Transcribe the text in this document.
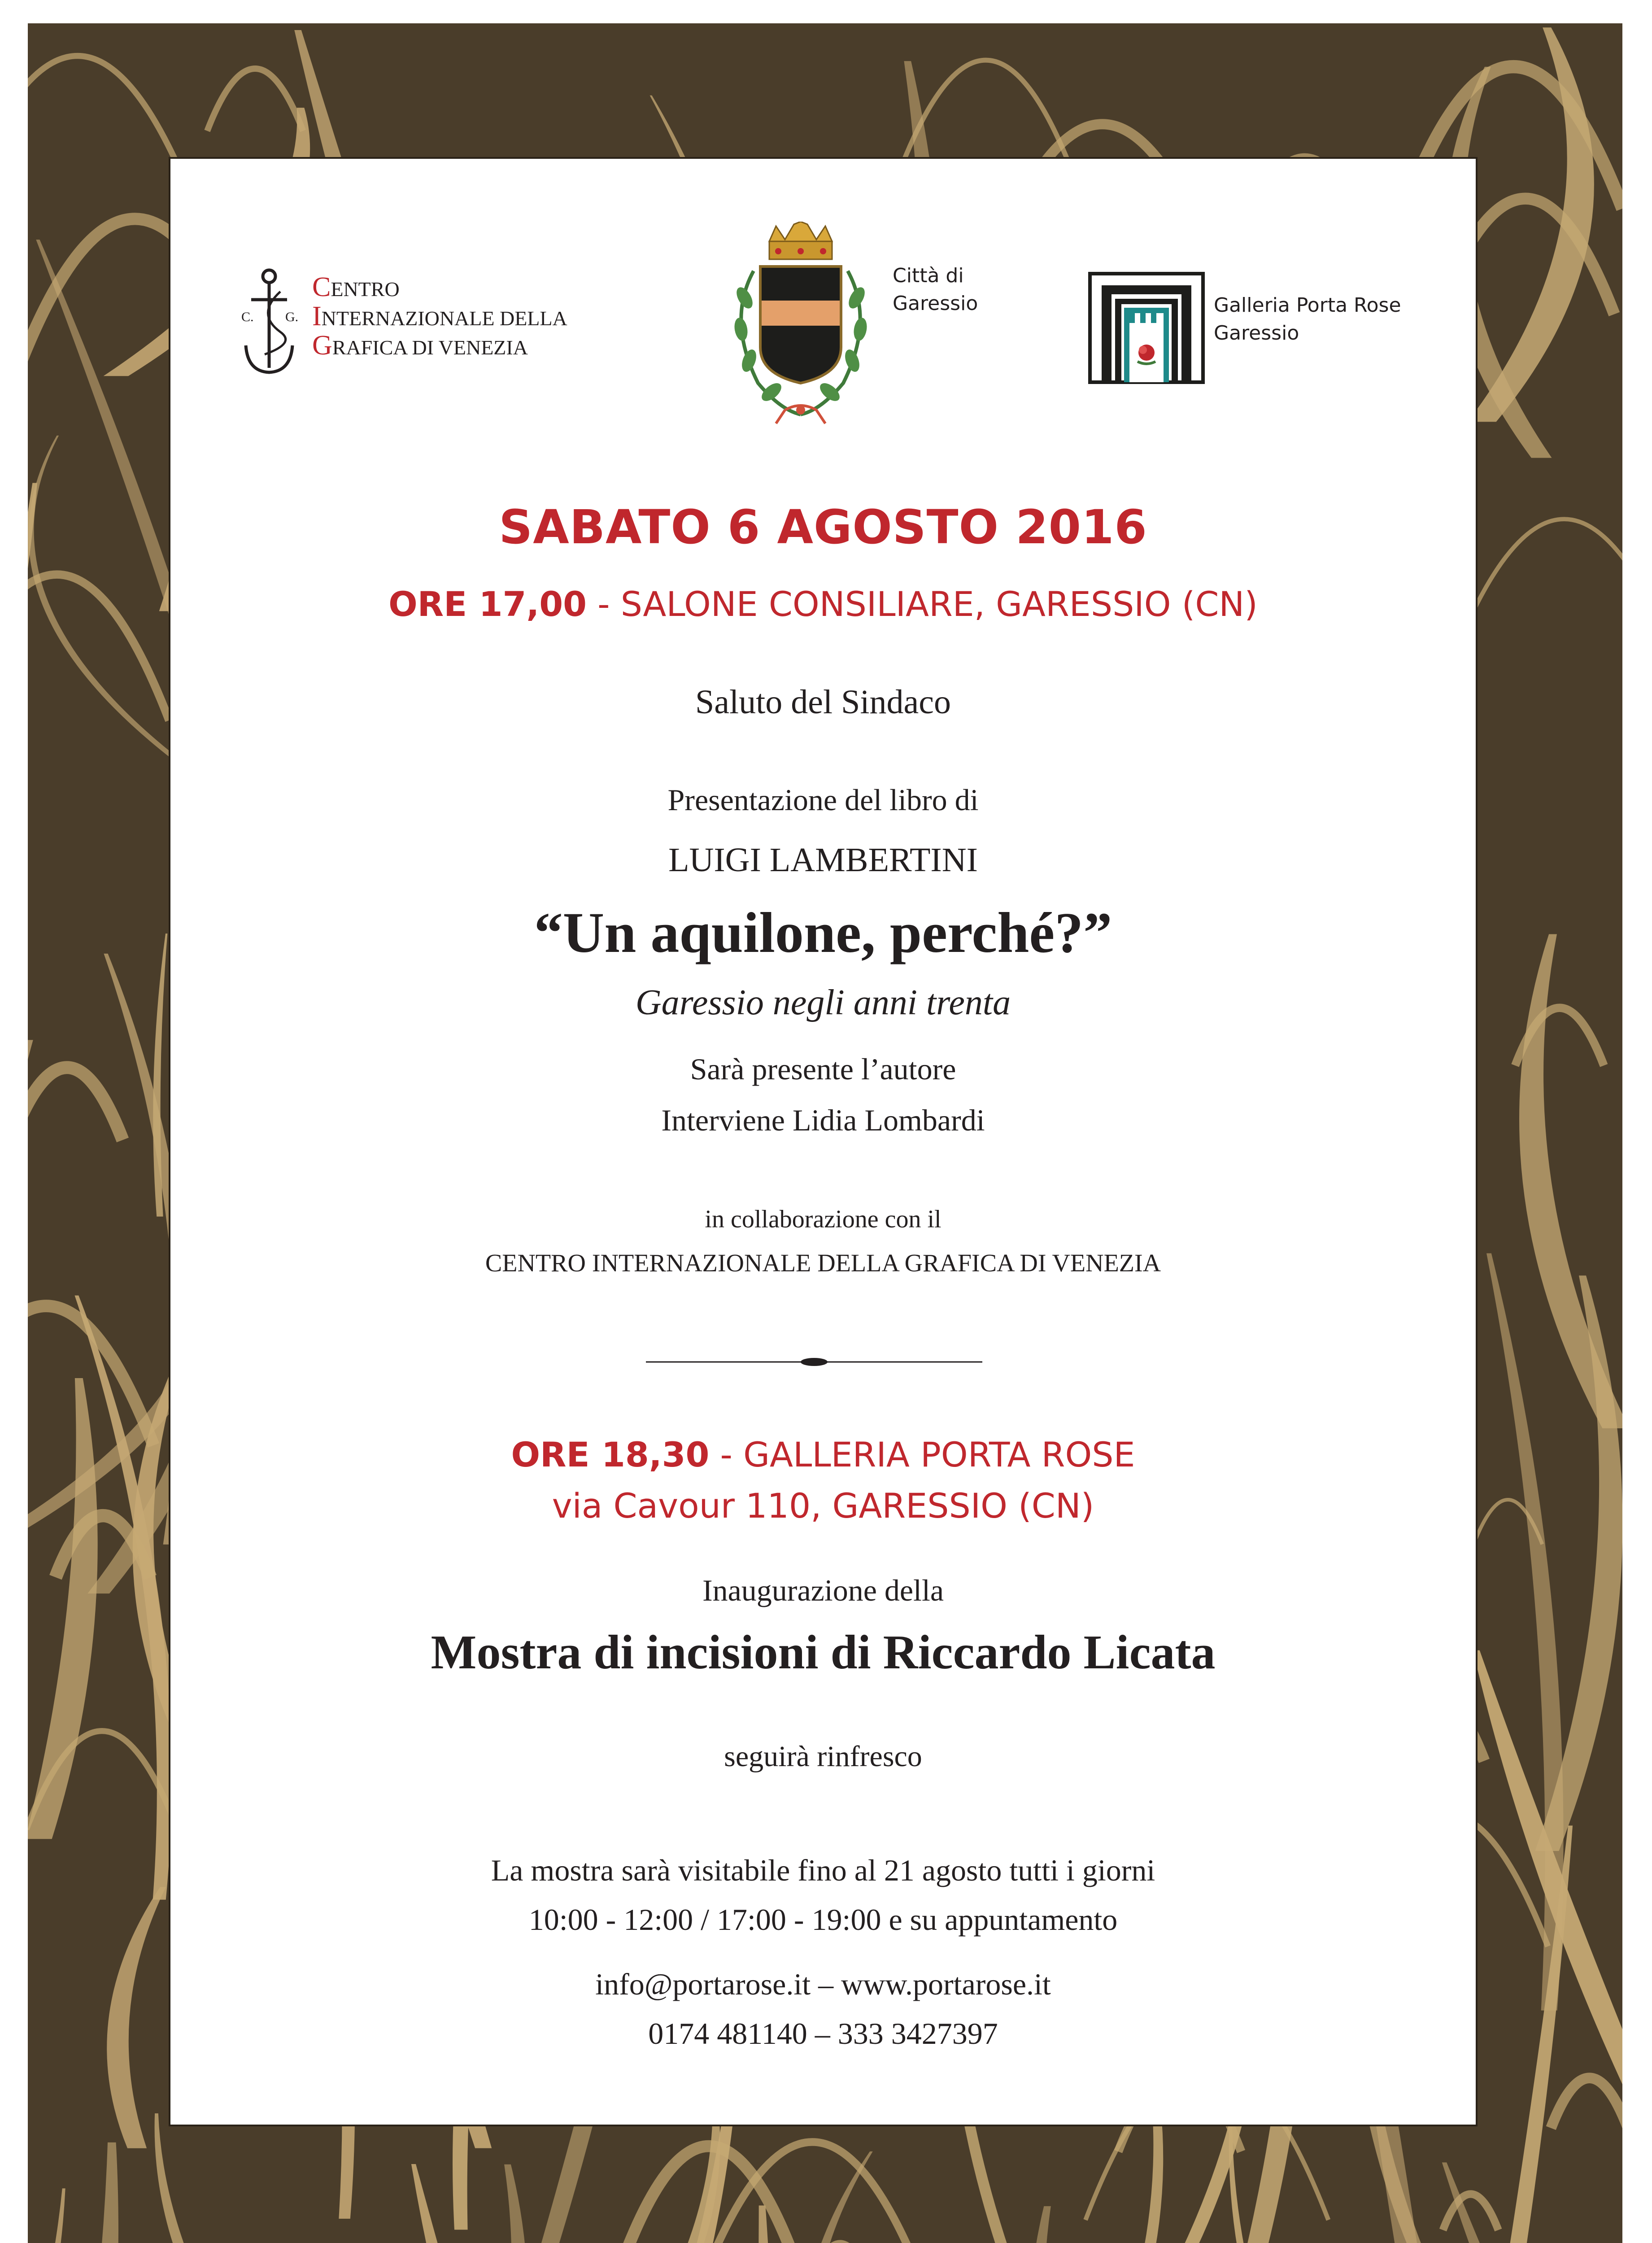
C. G.
CENTRO
INTERNAZIONALE DELLA
GRAFICA DI VENEZIA
Città di
Garessio	Galleria Porta Rose
Garessio
SABATO 6 AGOSTO 2016
ORE 17,00 - SALONE CONSILIARE, GARESSIO (CN)
Saluto del Sindaco
Presentazione del libro di
LUIGI LAMBERTINI
“Un aquilone, perché?”
Garessio negli anni trenta
Sarà presente l’autore
Interviene Lidia Lombardi
in collaborazione con il
CENTRO INTERNAZIONALE DELLA GRAFICA DI VENEZIA
ORE 18,30 - GALLERIA PORTA ROSE
via Cavour 110, GARESSIO (CN)
Inaugurazione della
Mostra di incisioni di Riccardo Licata
seguirà rinfresco
La mostra sarà visitabile fino al 21 agosto tutti i giorni
10:00 - 12:00 / 17:00 - 19:00 e su appuntamento
info@portarose.it – www.portarose.it
0174 481140 – 333 3427397
